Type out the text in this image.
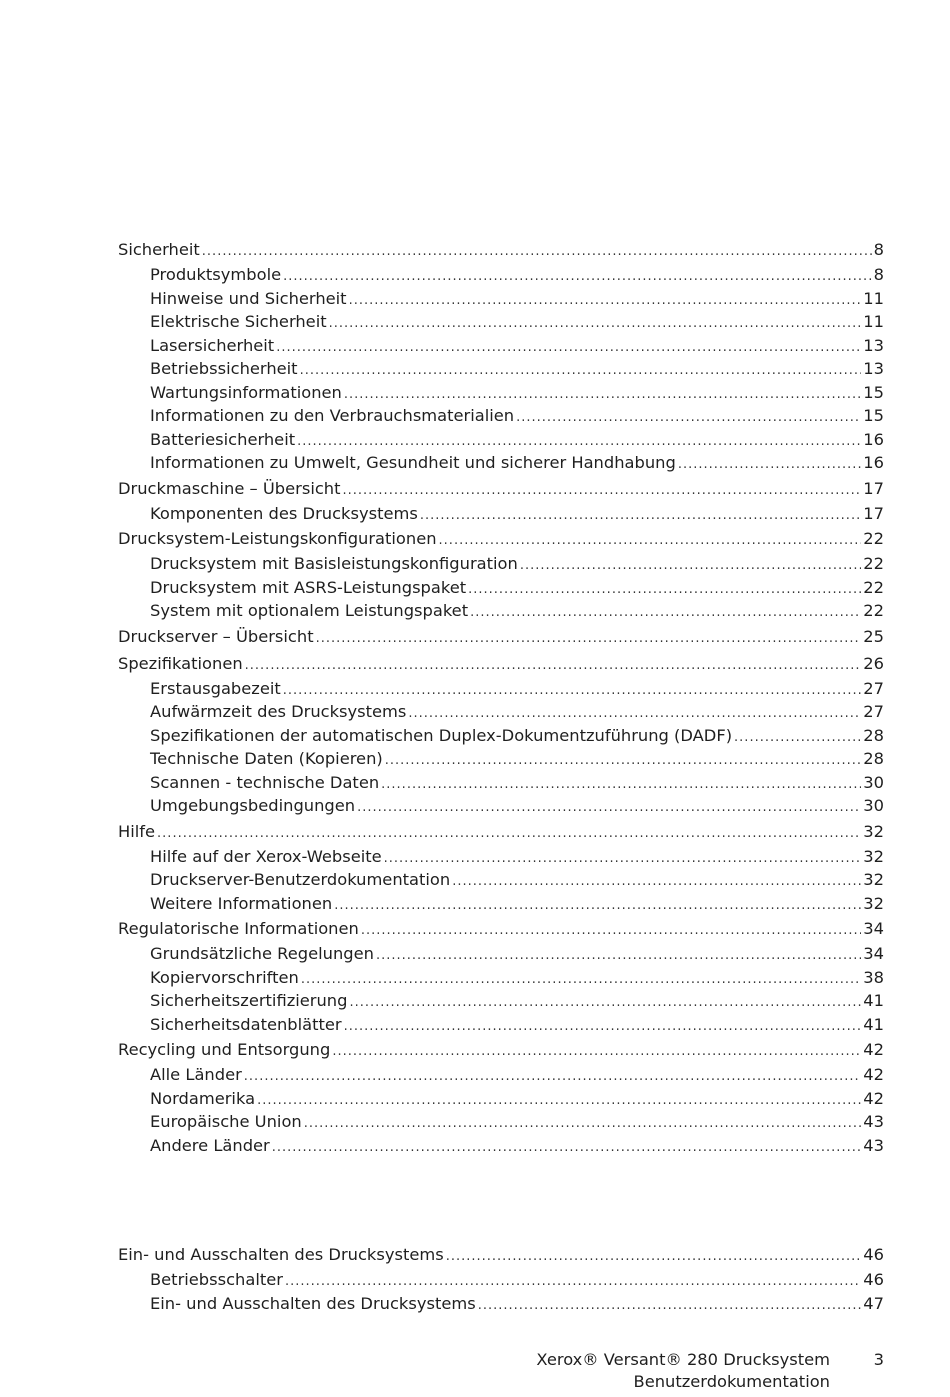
Sicherheit .....	8
Produktsymbole .....	8
Hinweise und Sicherheit .....	11
Elektrische Sicherheit .....	11
Lasersicherheit .....	13
Betriebssicherheit .....	13
Wartungsinformationen .....	15
Informationen zu den Verbrauchsmaterialien .....	15
Batteriesicherheit .....	16
Informationen zu Umwelt, Gesundheit und sicherer Handhabung .....	16
Druckmaschine – Übersicht .....	17
Komponenten des Drucksystems .....	17
Drucksystem-Leistungskonfigurationen .....	22
Drucksystem mit Basisleistungskonfiguration .....	22
Drucksystem mit ASRS-Leistungspaket .....	22
System mit optionalem Leistungspaket .....	22
Druckserver – Übersicht .....	25
Spezifikationen .....	26
Erstausgabezeit .....	27
Aufwärmzeit des Drucksystems .....	27
Spezifikationen der automatischen Duplex-Dokumentzuführung (DADF) .....	28
Technische Daten (Kopieren) .....	28
Scannen - technische Daten .....	30
Umgebungsbedingungen .....	30
Hilfe .....	32
Hilfe auf der Xerox-Webseite .....	32
Druckserver-Benutzerdokumentation .....	32
Weitere Informationen .....	32
Regulatorische Informationen .....	34
Grundsätzliche Regelungen .....	34
Kopiervorschriften .....	38
Sicherheitszertifizierung .....	41
Sicherheitsdatenblätter .....	41
Recycling und Entsorgung .....	42
Alle Länder .....	42
Nordamerika .....	42
Europäische Union .....	43
Andere Länder .....	43
Ein- und Ausschalten des Drucksystems .....	46
Betriebsschalter .....	46
Ein- und Ausschalten des Drucksystems .....	47
Xerox® Versant® 280 Drucksystem
Benutzerdokumentation
3
